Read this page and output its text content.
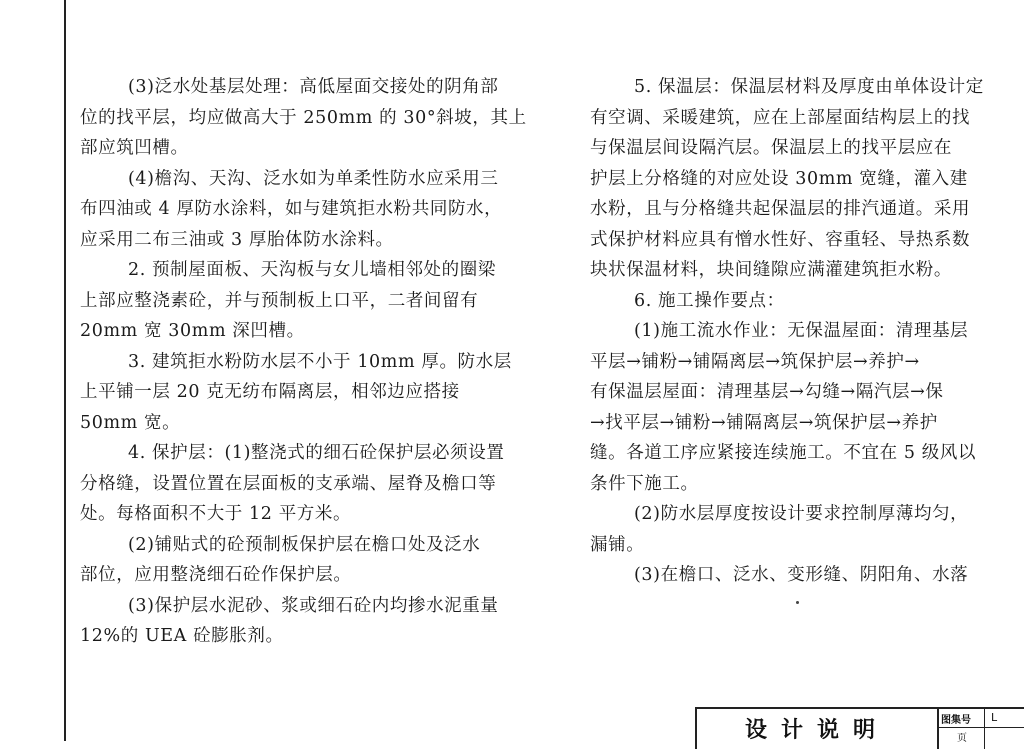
(3)泛水处基层处理：高低屋面交接处的阴角部

位的找平层，均应做高大于 250mm 的 30°斜坡，其上

部应筑凹槽。

(4)檐沟、天沟、泛水如为单柔性防水应采用三

布四油或 4 厚防水涂料，如与建筑拒水粉共同防水，

应采用二布三油或 3 厚胎体防水涂料。

2. 预制屋面板、天沟板与女儿墙相邻处的圈梁

上部应整浇素砼，并与预制板上口平，二者间留有

20mm 宽 30mm 深凹槽。

3. 建筑拒水粉防水层不小于 10mm 厚。防水层

上平铺一层 20 克无纺布隔离层，相邻边应搭接

50mm 宽。

4. 保护层：(1)整浇式的细石砼保护层必须设置

分格缝，设置位置在层面板的支承端、屋脊及檐口等

处。每格面积不大于 12 平方米。

(2)铺贴式的砼预制板保护层在檐口处及泛水

部位，应用整浇细石砼作保护层。

(3)保护层水泥砂、浆或细石砼内均掺水泥重量

12%的 UEA 砼膨胀剂。

5. 保温层：保温层材料及厚度由单体设计定

有空调、采暖建筑，应在上部屋面结构层上的找

与保温层间设隔汽层。保温层上的找平层应在

护层上分格缝的对应处设 30mm 宽缝，灌入建

水粉，且与分格缝共起保温层的排汽通道。采用

式保护材料应具有憎水性好、容重轻、导热系数

块状保温材料，块间缝隙应满灌建筑拒水粉。

6. 施工操作要点：

(1)施工流水作业：无保温屋面：清理基层

平层→铺粉→铺隔离层→筑保护层→养护→

有保温层屋面：清理基层→勾缝→隔汽层→保

→找平层→铺粉→铺隔离层→筑保护层→养护

缝。各道工序应紧接连续施工。不宜在 5 级风以

条件下施工。

(2)防水层厚度按设计要求控制厚薄均匀，

漏铺。

(3)在檐口、泛水、变形缝、阴阳角、水落

设计说明	图集号 L
页
